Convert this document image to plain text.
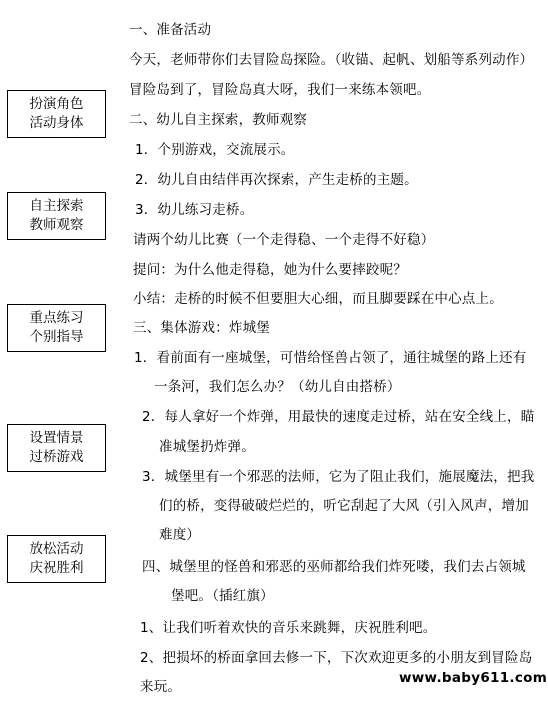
扮演角色
活动身体
自主探索
教师观察
重点练习
个别指导
设置情景
过桥游戏
放松活动
庆祝胜利
一、准备活动
今天，老师带你们去冒险岛探险。（收锚、起帆、划船等系列动作）
冒险岛到了，冒险岛真大呀，我们一来练本领吧。
二、幼儿自主探索，教师观察
1．个别游戏，交流展示。
2．幼儿自由结伴再次探索，产生走桥的主题。
3．幼儿练习走桥。
请两个幼儿比赛（一个走得稳、一个走得不好稳）
提问：为什么他走得稳，她为什么要摔跤呢？
小结：走桥的时候不但要胆大心细，而且脚要踩在中心点上。
三、集体游戏：炸城堡
1．看前面有一座城堡，可惜给怪兽占领了，通往城堡的路上还有
一条河，我们怎么办？（幼儿自由搭桥）
2．每人拿好一个炸弹，用最快的速度走过桥，站在安全线上，瞄
准城堡扔炸弹。
3．城堡里有一个邪恶的法师，它为了阻止我们，施展魔法，把我
们的桥，变得破破烂烂的，听它刮起了大风（引入风声，增加
难度）
四、城堡里的怪兽和邪恶的巫师都给我们炸死喽，我们去占领城
堡吧。（插红旗）
1、让我们听着欢快的音乐来跳舞，庆祝胜利吧。
2、把损坏的桥面拿回去修一下，下次欢迎更多的小朋友到冒险岛
来玩。
www.baby611.com
